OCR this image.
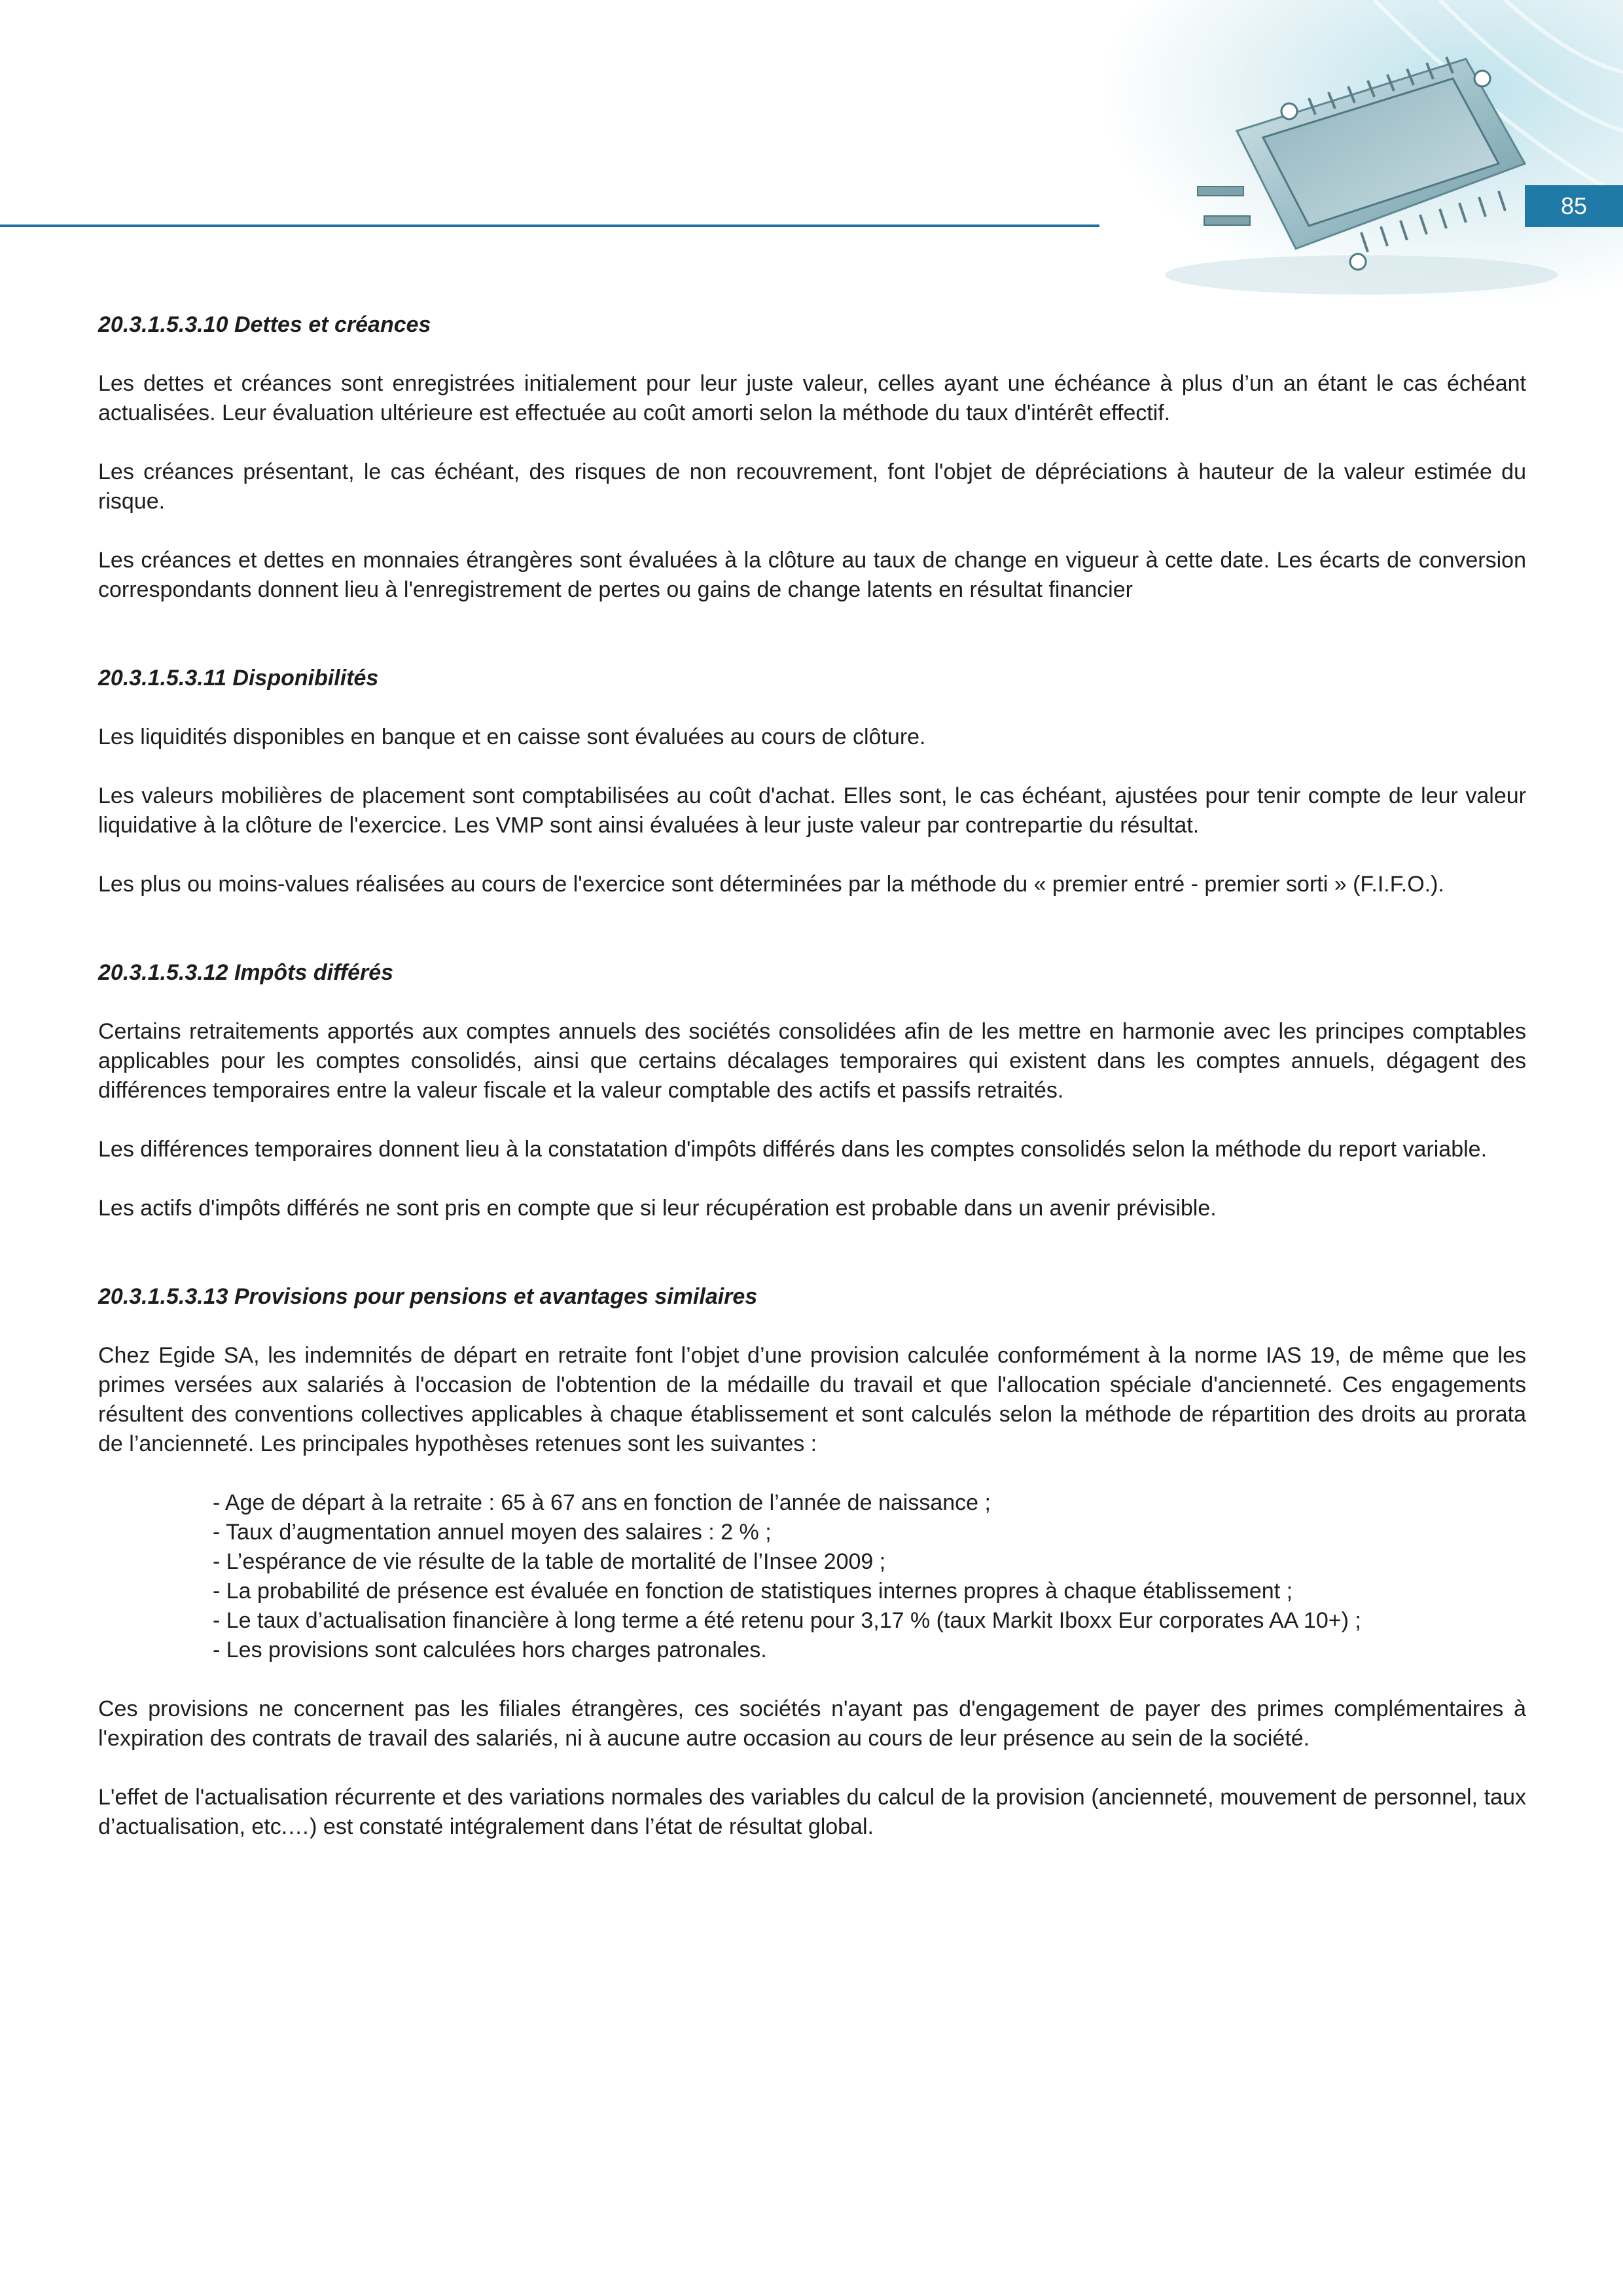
85
20.3.1.5.3.10 Dettes et créances

Les dettes et créances sont enregistrées initialement pour leur juste valeur, celles ayant une échéance à plus d’un an étant le cas échéant actualisées. Leur évaluation ultérieure est effectuée au coût amorti selon la méthode du taux d'intérêt effectif.

Les créances présentant, le cas échéant, des risques de non recouvrement, font l'objet de dépréciations à hauteur de la valeur estimée du risque.

Les créances et dettes en monnaies étrangères sont évaluées à la clôture au taux de change en vigueur à cette date. Les écarts de conversion correspondants donnent lieu à l'enregistrement de pertes ou gains de change latents en résultat financier

20.3.1.5.3.11 Disponibilités

Les liquidités disponibles en banque et en caisse sont évaluées au cours de clôture.

Les valeurs mobilières de placement sont comptabilisées au coût d'achat. Elles sont, le cas échéant, ajustées pour tenir compte de leur valeur liquidative à la clôture de l'exercice. Les VMP sont ainsi évaluées à leur juste valeur par contrepartie du résultat.

Les plus ou moins-values réalisées au cours de l'exercice sont déterminées par la méthode du « premier entré - premier sorti » (F.I.F.O.).

20.3.1.5.3.12 Impôts différés

Certains retraitements apportés aux comptes annuels des sociétés consolidées afin de les mettre en harmonie avec les principes comptables applicables pour les comptes consolidés, ainsi que certains décalages temporaires qui existent dans les comptes annuels, dégagent des différences temporaires entre la valeur fiscale et la valeur comptable des actifs et passifs retraités.

Les différences temporaires donnent lieu à la constatation d'impôts différés dans les comptes consolidés selon la méthode du report variable.

Les actifs d'impôts différés ne sont pris en compte que si leur récupération est probable dans un avenir prévisible.

20.3.1.5.3.13 Provisions pour pensions et avantages similaires

Chez Egide SA, les indemnités de départ en retraite font l’objet d’une provision calculée conformément à la norme IAS 19, de même que les primes versées aux salariés à l'occasion de l'obtention de la médaille du travail et que l'allocation spéciale d'ancienneté. Ces engagements résultent des conventions collectives applicables à chaque établissement et sont calculés selon la méthode de répartition des droits au prorata de l’ancienneté. Les principales hypothèses retenues sont les suivantes :

- Age de départ à la retraite : 65 à 67 ans en fonction de l’année de naissance ;
- Taux d’augmentation annuel moyen des salaires : 2 % ;
- L’espérance de vie résulte de la table de mortalité de l’Insee 2009 ;
- La probabilité de présence est évaluée en fonction de statistiques internes propres à chaque établissement ;
- Le taux d’actualisation financière à long terme a été retenu pour 3,17 % (taux Markit Iboxx Eur corporates AA 10+) ;
- Les provisions sont calculées hors charges patronales.

Ces provisions ne concernent pas les filiales étrangères, ces sociétés n'ayant pas d'engagement de payer des primes complémentaires à l'expiration des contrats de travail des salariés, ni à aucune autre occasion au cours de leur présence au sein de la société.

L'effet de l'actualisation récurrente et des variations normales des variables du calcul de la provision (ancienneté, mouvement de personnel, taux d’actualisation, etc.…) est constaté intégralement dans l’état de résultat global.
